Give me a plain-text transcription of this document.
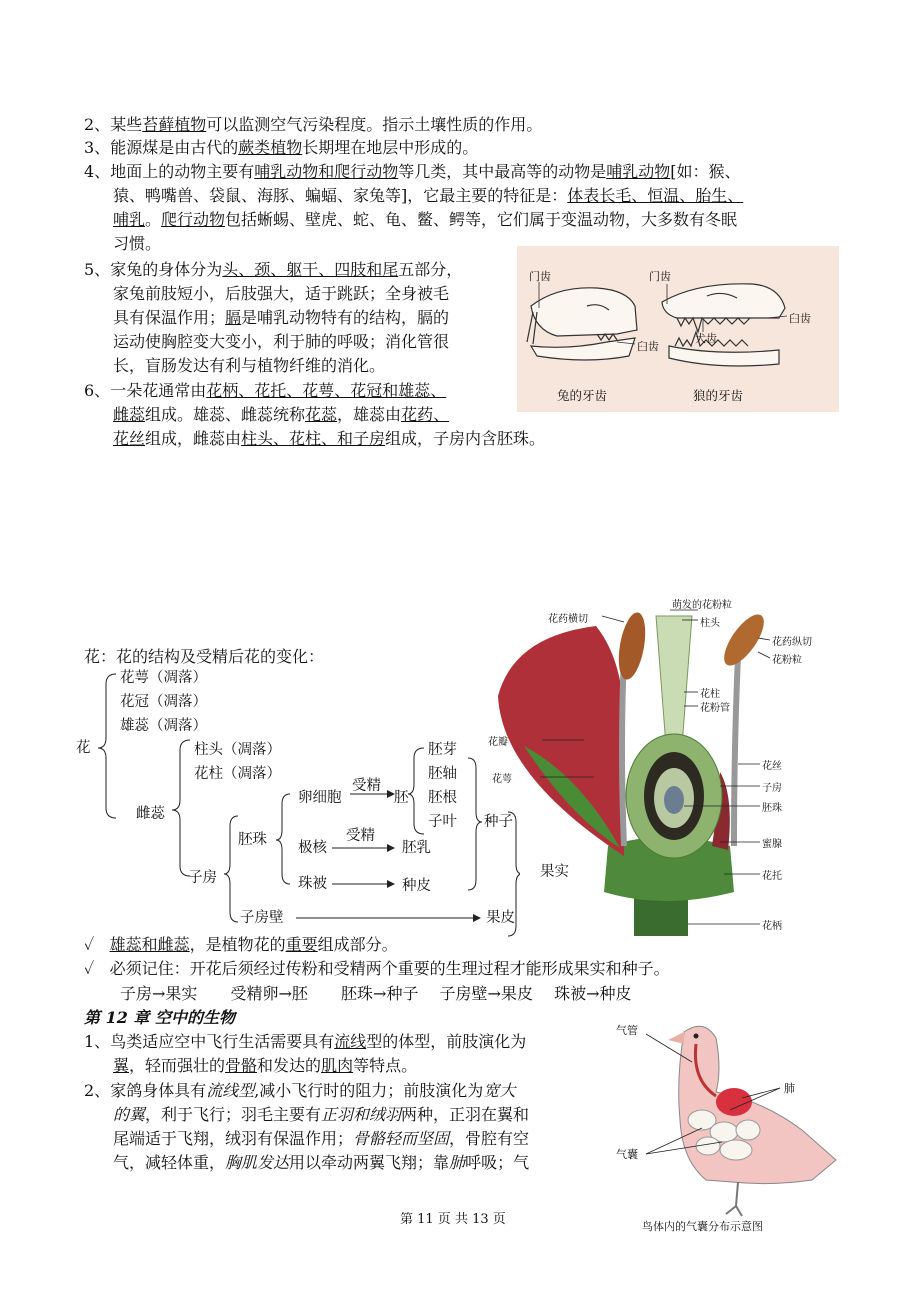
2、某些苔藓植物可以监测空气污染程度。指示土壤性质的作用。
3、能源煤是由古代的蕨类植物长期埋在地层中形成的。
4、地面上的动物主要有哺乳动物和爬行动物等几类，其中最高等的动物是哺乳动物[如：猴、
猿、鸭嘴兽、袋鼠、海豚、蝙蝠、家兔等]，它最主要的特征是：体表长毛、恒温、胎生、
哺乳。爬行动物包括蜥蜴、壁虎、蛇、龟、鳖、鳄等，它们属于变温动物，大多数有冬眠
习惯。
5、家兔的身体分为头、颈、躯干、四肢和尾五部分，
家兔前肢短小，后肢强大，适于跳跃；全身被毛
具有保温作用；膈是哺乳动物特有的结构，膈的
运动使胸腔变大变小，利于肺的呼吸；消化管很
长，盲肠发达有利与植物纤维的消化。
6、一朵花通常由花柄、花托、花萼、花冠和雄蕊、
雌蕊组成。雄蕊、雌蕊统称花蕊，雄蕊由花药、
花丝组成，雌蕊由柱头、花柱、和子房组成，子房内含胚珠。
门齿
臼齿
门齿
犬齿
臼齿
兔的牙齿	狼的牙齿
萌发的花粉粒
花药横切	柱头
花药纵切
花粉粒
花柱
花粉管
花瓣
花丝
花萼
子房
胚珠
蜜腺
花托
花柄
花：花的结构及受精后花的变化：
花
花萼（凋落）
花冠（凋落）
雄蕊（凋落）
雌蕊
柱头（凋落）
花柱（凋落）
子房
胚珠
卵细胞
受精
胚
胚芽
胚轴
胚根
子叶 种子
极核
受精
胚乳
珠被	种皮
果实
子房壁	果皮
✓ 雄蕊和雌蕊，是植物花的重要组成部分。
✓ 必须记住：开花后须经过传粉和受精两个重要的生理过程才能形成果实和种子。
子房→果实 受精卵→胚 胚珠→种子 子房壁→果皮 珠被→种皮
第 12 章 空中的生物
1、鸟类适应空中飞行生活需要具有流线型的体型，前肢演化为
翼，轻而强壮的骨骼和发达的肌肉等特点。
2、家鸽身体具有流线型,减小飞行时的阻力；前肢演化为宽大
的翼，利于飞行；羽毛主要有正羽和绒羽两种，正羽在翼和
尾端适于飞翔，绒羽有保温作用；骨骼轻而坚固，骨腔有空
气，减轻体重，胸肌发达用以牵动两翼飞翔；靠肺呼吸；气
气管
肺
气囊
鸟体内的气囊分布示意图
第 11 页 共 13 页
